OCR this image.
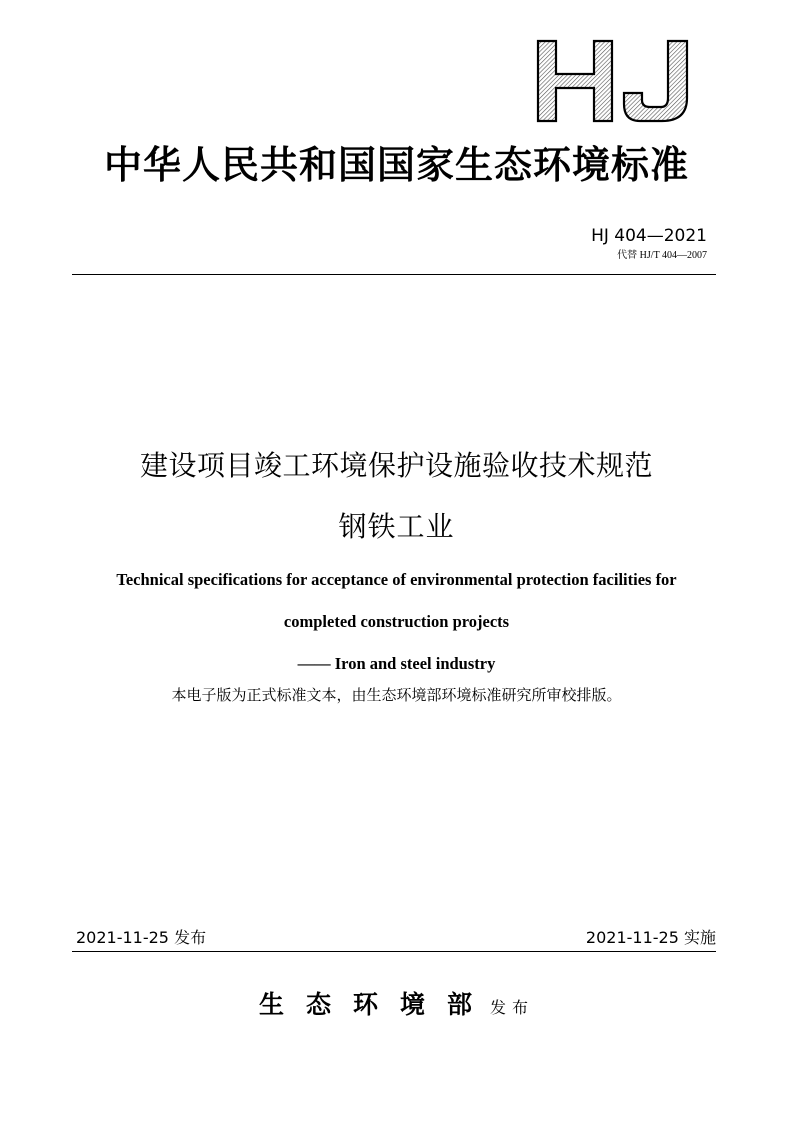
中华人民共和国国家生态环境标准
HJ 404—2021
代替 HJ/T 404—2007
建设项目竣工环境保护设施验收技术规范
钢铁工业
Technical specifications for acceptance of environmental protection facilities for
completed construction projects
—— Iron and steel industry
本电子版为正式标准文本，由生态环境部环境标准研究所审校排版。
2021-11-25 发布	2021-11-25 实施
生态环境部发布
